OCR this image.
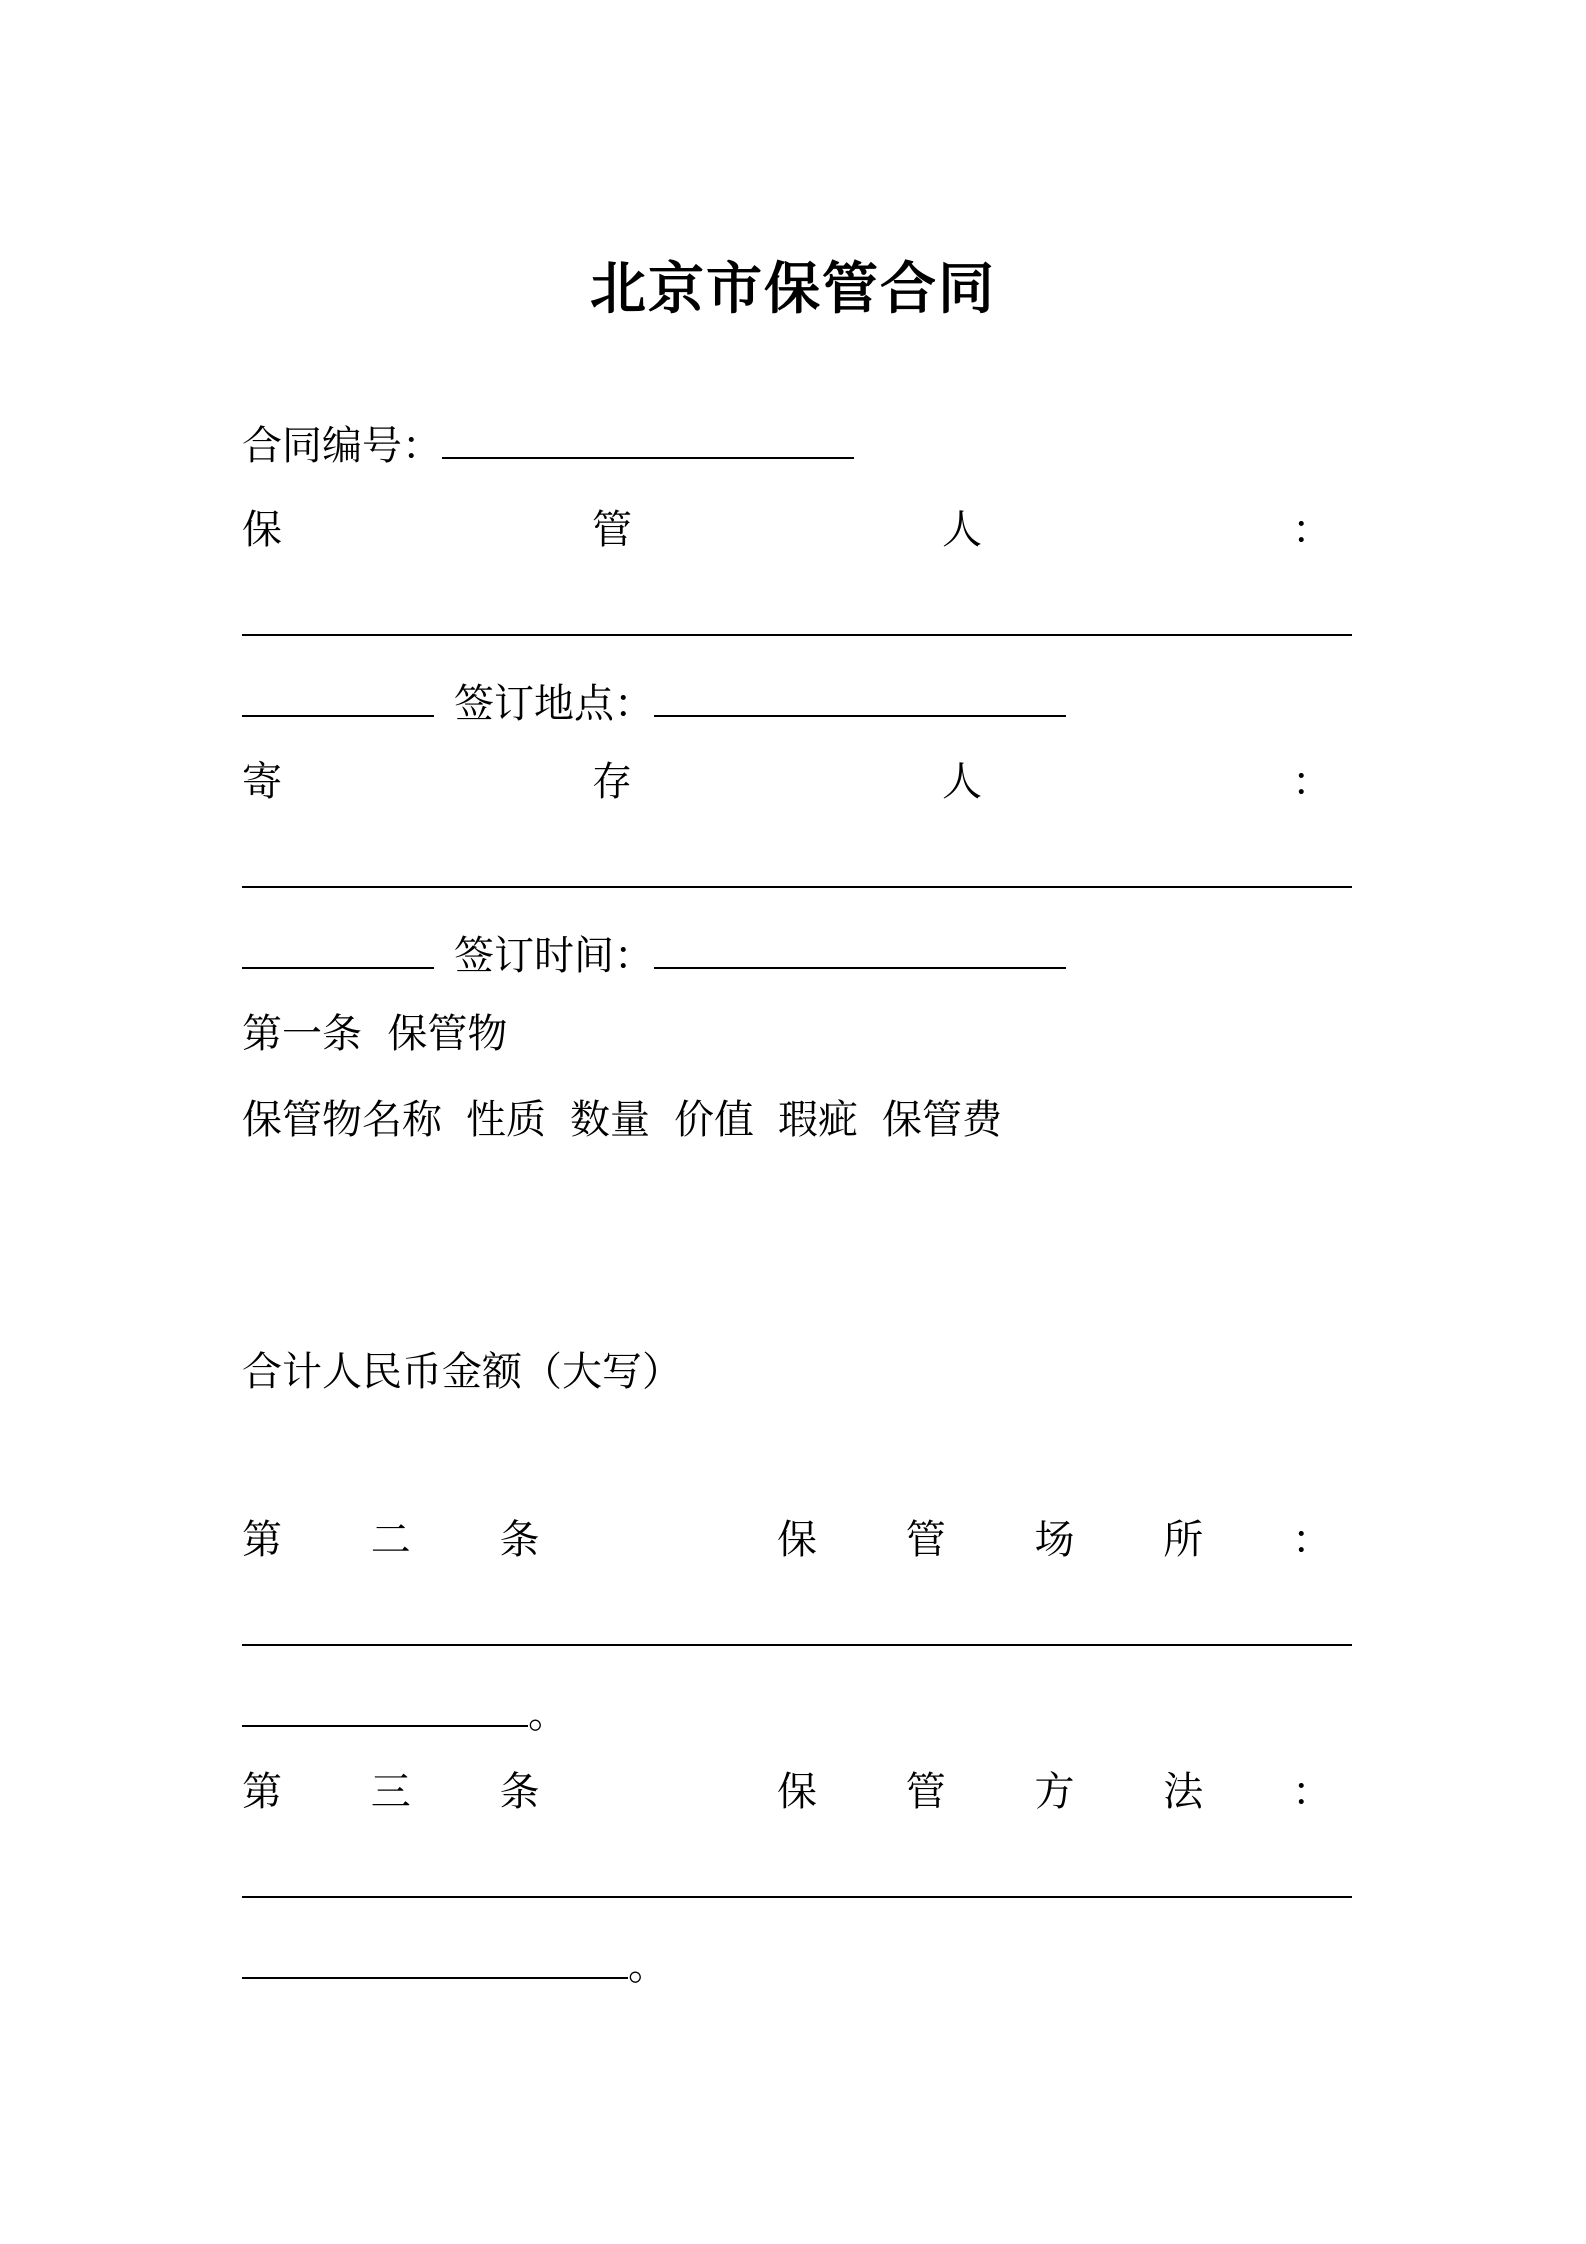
北京市保管合同
合同编号：
保	管	人	：
签订地点：
寄	存	人	：
签订时间：
第一条  保管物
保管物名称 性质 数量 价值 瑕疵 保管费
合计人民币金额（大写）
第 二 条	保 管 场 所 ：
。
第 三 条	保 管 方 法 ：
。
